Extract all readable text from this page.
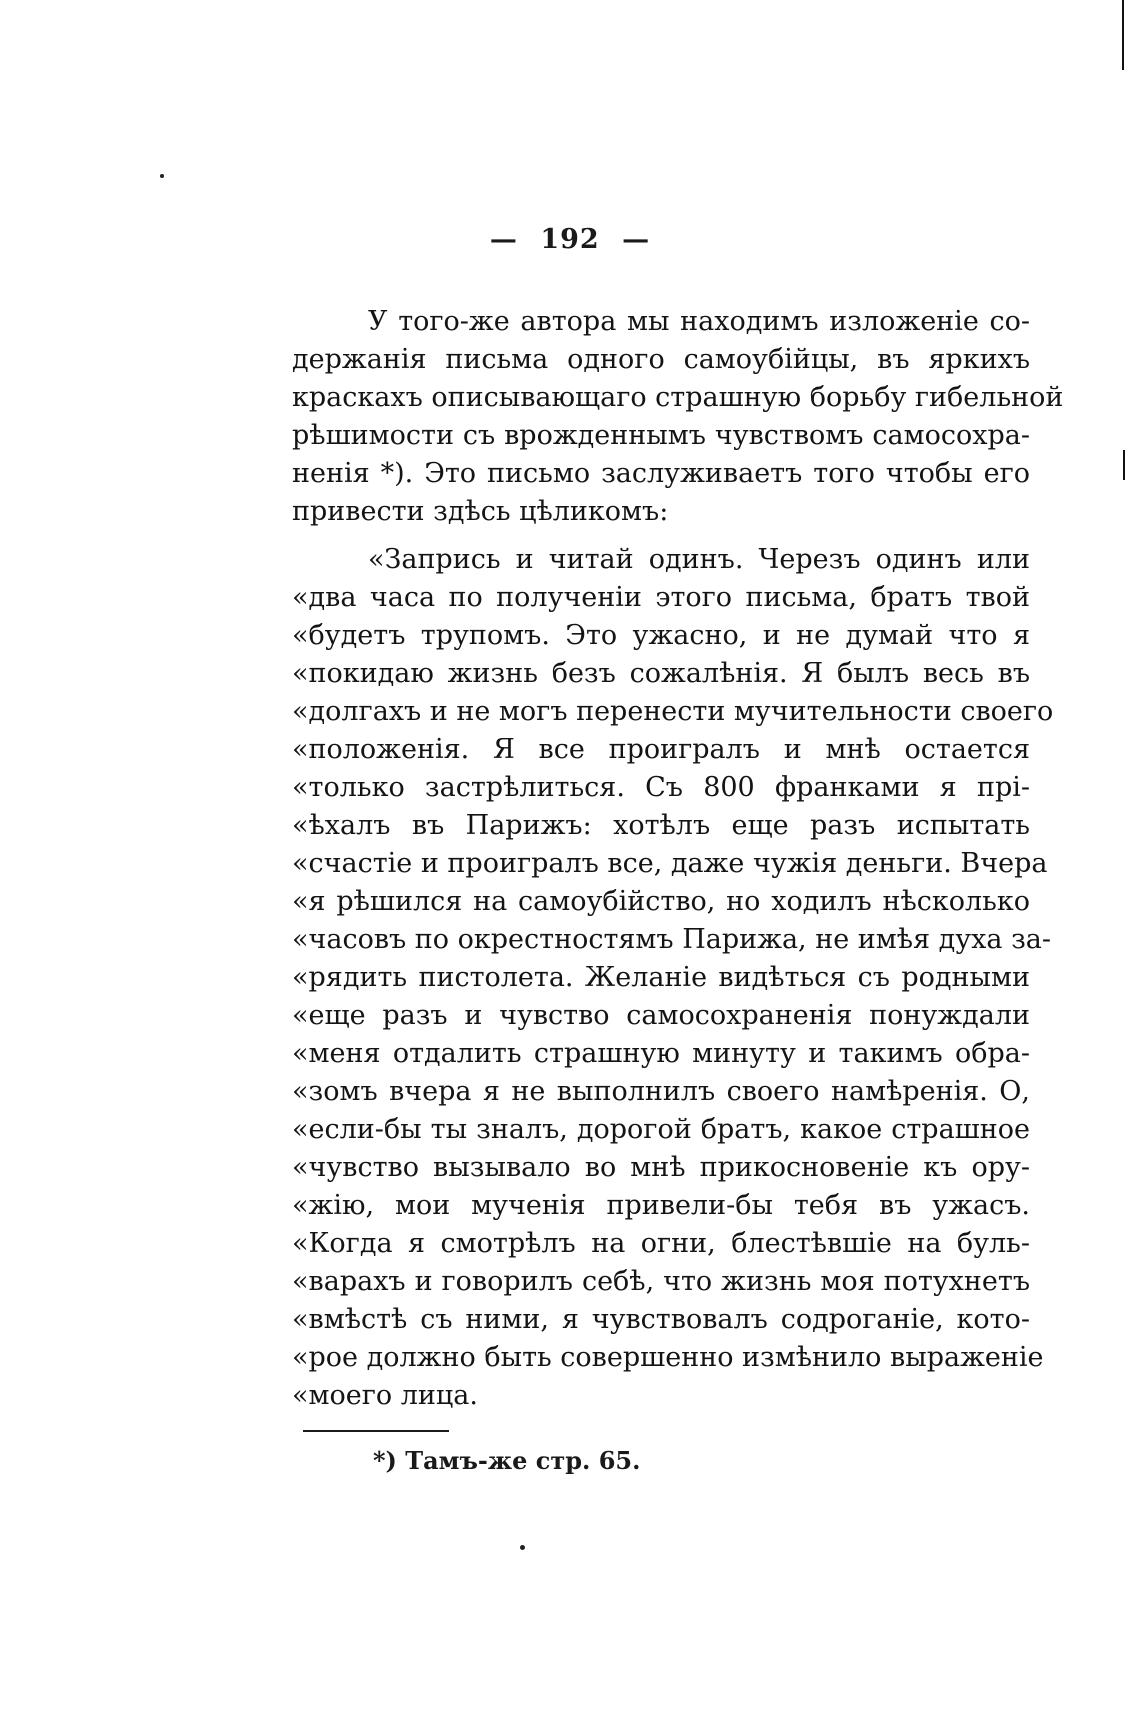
— 192 —
У того-же автора мы находимъ изложеніе со-
держанія письма одного самоубійцы, въ яркихъ
краскахъ описывающаго страшную борьбу гибельной
рѣшимости съ врожденнымъ чувствомъ самосохра-
ненія *). Это письмо заслуживаетъ того чтобы его
привести здѣсь цѣликомъ:
«Запрись и читай одинъ. Черезъ одинъ или
«два часа по полученіи этого письма, братъ твой
«будетъ трупомъ. Это ужасно, и не думай что я
«покидаю жизнь безъ сожалѣнія. Я былъ весь въ
«долгахъ и не могъ перенести мучительности своего
«положенія. Я все проигралъ и мнѣ остается
«только застрѣлиться. Съ 800 франками я прі-
«ѣхалъ въ Парижъ: хотѣлъ еще разъ испытать
«счастіе и проигралъ все, даже чужія деньги. Вчера
«я рѣшился на самоубійство, но ходилъ нѣсколько
«часовъ по окрестностямъ Парижа, не имѣя духа за-
«рядить пистолета. Желаніе видѣться съ родными
«еще разъ и чувство самосохраненія понуждали
«меня отдалить страшную минуту и такимъ обра-
«зомъ вчера я не выполнилъ своего намѣренія. О,
«если-бы ты зналъ, дорогой братъ, какое страшное
«чувство вызывало во мнѣ прикосновеніе къ ору-
«жію, мои мученія привели-бы тебя въ ужасъ.
«Когда я смотрѣлъ на огни, блестѣвшіе на буль-
«варахъ и говорилъ себѣ, что жизнь моя потухнетъ
«вмѣстѣ съ ними, я чувствовалъ содроганіе, кото-
«рое должно быть совершенно измѣнило выраженіе
«моего лица.
*) Тамъ-же стр. 65.
